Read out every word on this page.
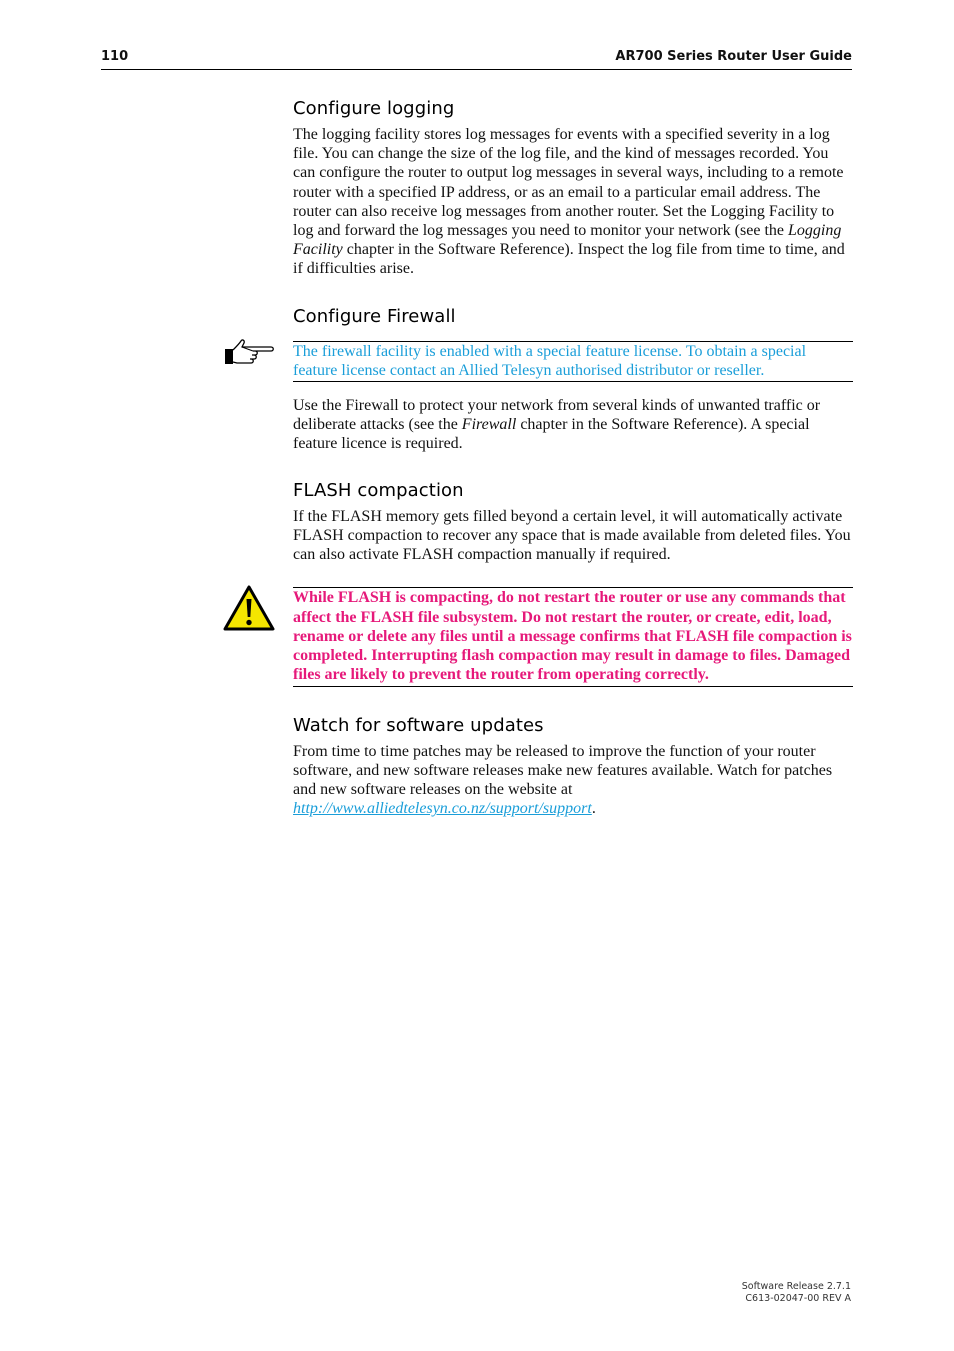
110	AR700 Series Router User Guide
Configure logging

The logging facility stores log messages for events with a specified severity in a log file. You can change the size of the log file, and the kind of messages recorded. You can configure the router to output log messages in several ways, including to a remote router with a specified IP address, or as an email to a particular email address. The router can also receive log messages from another router. Set the Logging Facility to log and forward the log messages you need to monitor your network (see the Logging Facility chapter in the Software Reference). Inspect the log file from time to time, and if difficulties arise.

Configure Firewall
The firewall facility is enabled with a special feature license. To obtain a special feature license contact an Allied Telesyn authorised distributor or reseller.

Use the Firewall to protect your network from several kinds of unwanted traffic or deliberate attacks (see the Firewall chapter in the Software Reference). A special feature licence is required.

FLASH compaction

If the FLASH memory gets filled beyond a certain level, it will automatically activate FLASH compaction to recover any space that is made available from deleted files. You can also activate FLASH compaction manually if required.

While FLASH is compacting, do not restart the router or use any commands that affect the FLASH file subsystem. Do not restart the router, or create, edit, load, rename or delete any files until a message confirms that FLASH file compaction is completed. Interrupting flash compaction may result in damage to files. Damaged files are likely to prevent the router from operating correctly.
Watch for software updates

From time to time patches may be released to improve the function of your router software, and new software releases make new features available. Watch for patches and new software releases on the website at http://www.alliedtelesyn.co.nz/support/support.

Software Release 2.7.1
C613-02047-00 REV A
